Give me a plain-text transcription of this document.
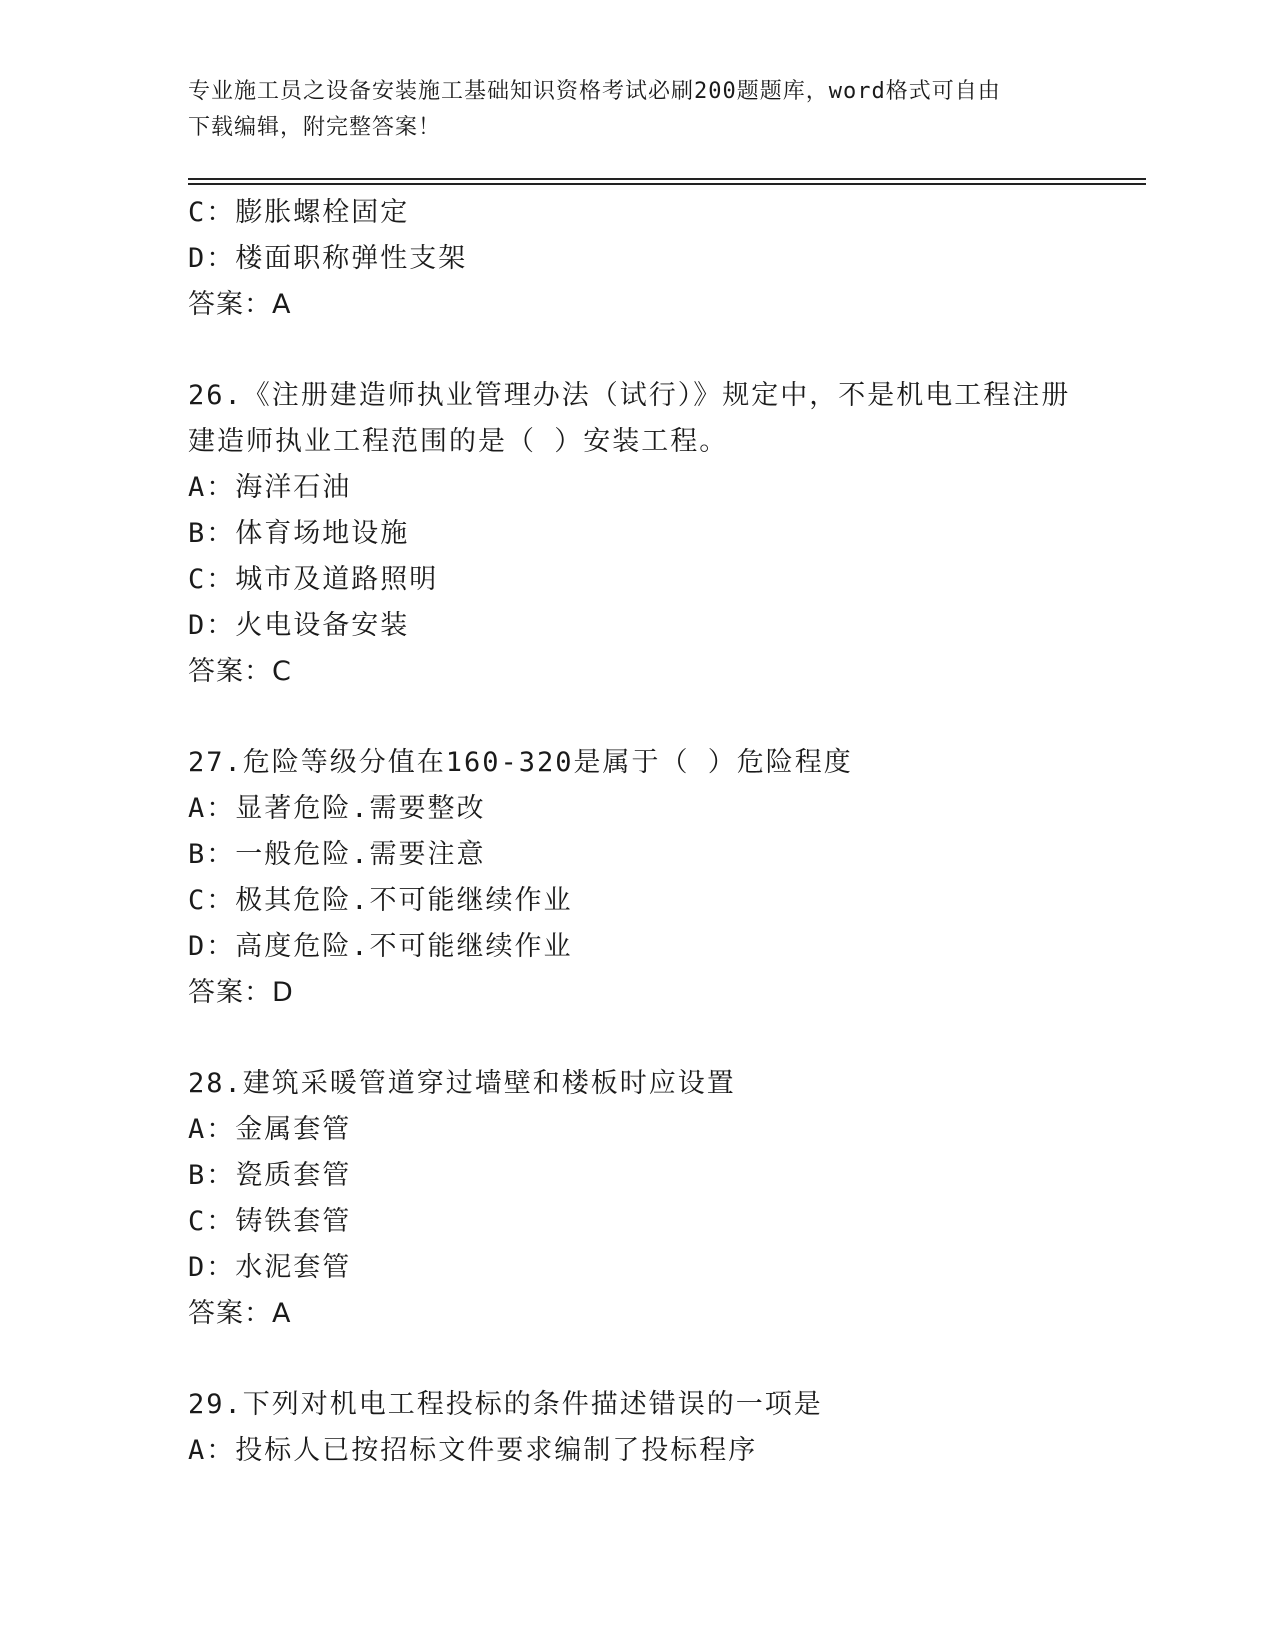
专业施工员之设备安装施工基础知识资格考试必刷200题题库，word格式可自由
下载编辑，附完整答案！
C：膨胀螺栓固定
D：楼面职称弹性支架
答案：A
26.《注册建造师执业管理办法（试行）》规定中，不是机电工程注册
建造师执业工程范围的是（ ）安装工程。
A：海洋石油
B：体育场地设施
C：城市及道路照明
D：火电设备安装
答案：C
27.危险等级分值在160-320是属于（ ）危险程度
A：显著危险.需要整改
B：一般危险.需要注意
C：极其危险.不可能继续作业
D：高度危险.不可能继续作业
答案：D
28.建筑采暖管道穿过墙壁和楼板时应设置
A：金属套管
B：瓷质套管
C：铸铁套管
D：水泥套管
答案：A
29.下列对机电工程投标的条件描述错误的一项是
A：投标人已按招标文件要求编制了投标程序
